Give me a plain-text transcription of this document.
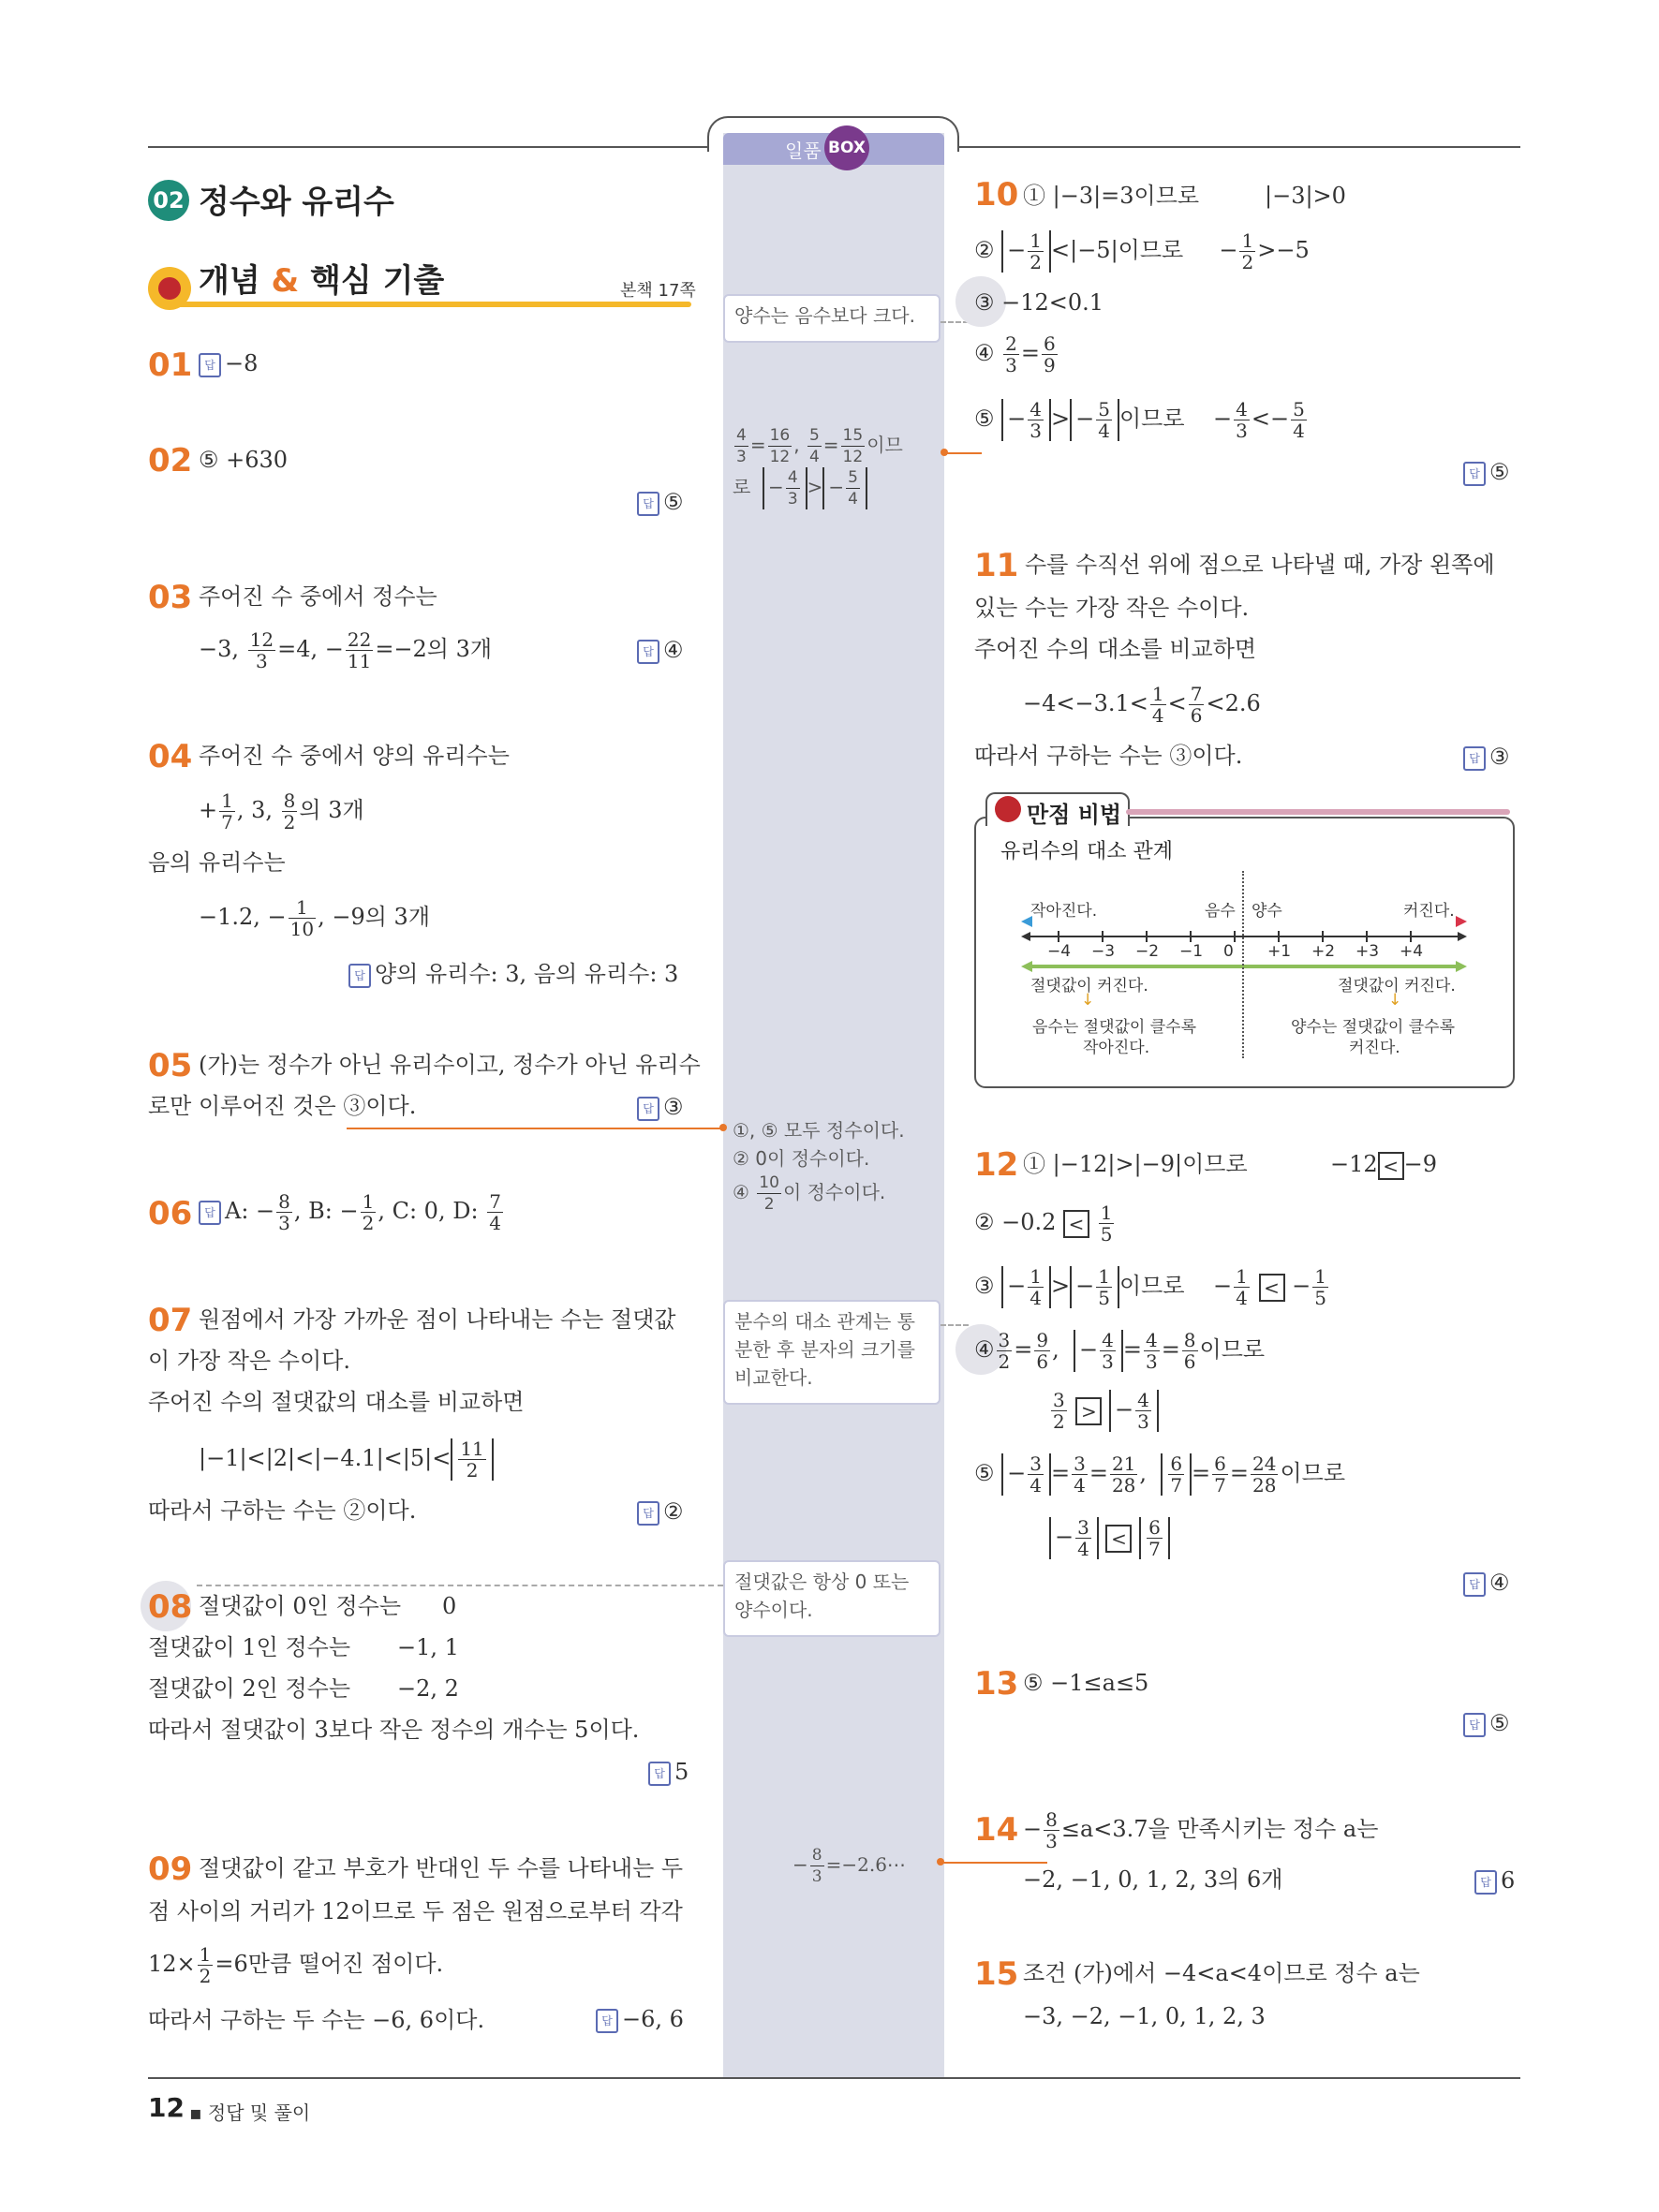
일품 BOX
02 정수와 유리수
개념 & 핵심 기출	본책 17쪽
양수는 음수보다 크다.
$\frac{4}{3} = \frac{16}{12}$ , $\frac{5}{4} = \frac{15}{12}$ 이므
로 − $\frac{4}{3}$ > − $\frac{5}{4}$
①, ⑤ 모두 정수이다.
② 0이 정수이다.
④ $\frac{10}{2}$ 이 정수이다.
분수의 대소 관계는 통분한 후 분자의 크기를 비교한다.
절댓값은 항상 0 또는 양수이다.
− $\frac{8}{3}$ =−2.6⋯
01	답 −8
02 ⑤ +630
답 ⑤
03 주어진 수 중에서 정수는
−3, $\frac{12}{3} =4$, − $\frac{22}{11} =-2$의 3개	답 ④
04 주어진 수 중에서 양의 유리수는
+ $\frac{1}{7}$ , 3, $\frac{8}{2}$ 의 3개
음의 유리수는
−1.2, − $\frac{1}{10}$ , −9의 3개
답 양의 유리수: 3, 음의 유리수: 3
05 (가)는 정수가 아닌 유리수이고, 정수가 아닌 유리수
로만 이루어진 것은 ③이다.	답 ③
06	답 A: − $\frac{8}{3}$ , B: − $\frac{1}{2}$ , C: 0, D: $\frac{7}{4}$
07 원점에서 가장 가까운 점이 나타내는 수는 절댓값
이 가장 작은 수이다.
주어진 수의 절댓값의 대소를 비교하면
$|-1|<|2|<|-4.1|<|5|< \frac{11}{2}$
따라서 구하는 수는 ②이다.	답 ②
08 절댓값이 0인 정수는 0
절댓값이 1인 정수는 −1, 1
절댓값이 2인 정수는 −2, 2
따라서 절댓값이 3보다 작은 정수의 개수는 5이다.
답 5
09 절댓값이 같고 부호가 반대인 두 수를 나타내는 두
점 사이의 거리가 12이므로 두 점은 원점으로부터 각각
$12\times \frac{1}{2} =6$만큼 떨어진 점이다.
따라서 구하는 두 수는 −6, 6이다.	답 −6, 6
10 ① |−3|=3이므로	|−3|>0
② − $\frac{1}{2} <|-5|$이므로     − $\frac{1}{2} >-5$
③ −12<0.1
④ $\frac{2}{3} = \frac{6}{9}$
⑤ − $\frac{4}{3}$ > − $\frac{5}{4}$ 이므로    − $\frac{4}{3} <- \frac{5}{4}$
답 ⑤
11 수를 수직선 위에 점으로 나타낼 때, 가장 왼쪽에
있는 수는 가장 작은 수이다.
주어진 수의 대소를 비교하면
$-4<-3.1< \frac{1}{4} < \frac{7}{6} <2.6$
따라서 구하는 수는 ③이다.	답 ③
만점 비법
유리수의 대소 관계
작아진다.	음수 양수	커진다.
−4 −3 −2 −1 0 +1 +2 +3 +4
절댓값이 커진다.	절댓값이 커진다.
↓	↓
음수는 절댓값이 클수록
작아진다.
양수는 절댓값이 클수록
커진다.
12 ① |−12|>|−9|이므로	−12 < −9
② $-0.2 < \frac{1}{5}$
③ − $\frac{1}{4}$ > − $\frac{1}{5}$ 이므로 − $\frac{1}{4}$ < − $\frac{1}{5}$
④ $\frac{3}{2} = \frac{9}{6}$ , − $\frac{4}{3} = \frac{4}{3} = \frac{8}{6}$ 이므로
$\frac{3}{2}$ > − $\frac{4}{3}$
⑤ − $\frac{3}{4} = \frac{3}{4} = \frac{21}{28}$ , $\frac{6}{7} = \frac{6}{7} = \frac{24}{28}$ 이므로
− $\frac{3}{4} < \frac{6}{7}$
답 ④
13 ⑤ −1≤a≤5
답 ⑤
$14 - \frac{8}{3} \le a<3.7$을 만족시키는 정수 a는
−2, −1, 0, 1, 2, 3의 6개	답 6
15 조건 (가)에서 −4<a<4이므로 정수 a는
−3, −2, −1, 0, 1, 2, 3
12 ▪ 정답 및 풀이
